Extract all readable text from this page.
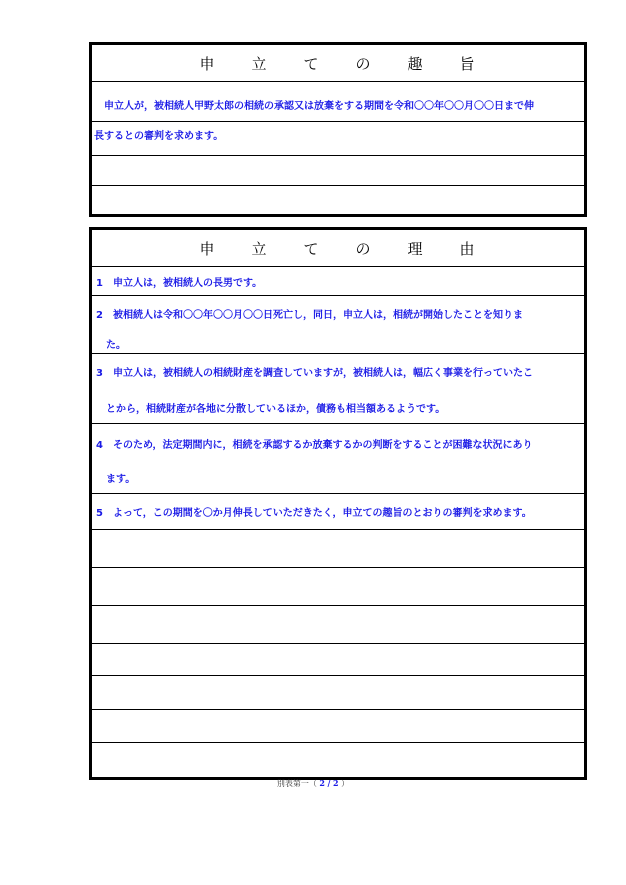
申	立	て	の	趣	旨
申立人が，被相続人甲野太郎の相続の承認又は放棄をする期間を令和〇〇年〇〇月〇〇日まで伸
長するとの審判を求めます。
申	立	て	の	理	由
1　申立人は，被相続人の長男です。
2　被相続人は令和〇〇年〇〇月〇〇日死亡し，同日，申立人は，相続が開始したことを知りま
た。
3　申立人は，被相続人の相続財産を調査していますが，被相続人は，幅広く事業を行っていたこ
とから，相続財産が各地に分散しているほか，債務も相当額あるようです。
4　そのため，法定期間内に，相続を承認するか放棄するかの判断をすることが困難な状況にあり
ます。
5　よって，この期間を〇か月伸長していただきたく，申立ての趣旨のとおりの審判を求めます。
別表第一（ 2 / 2 ）
